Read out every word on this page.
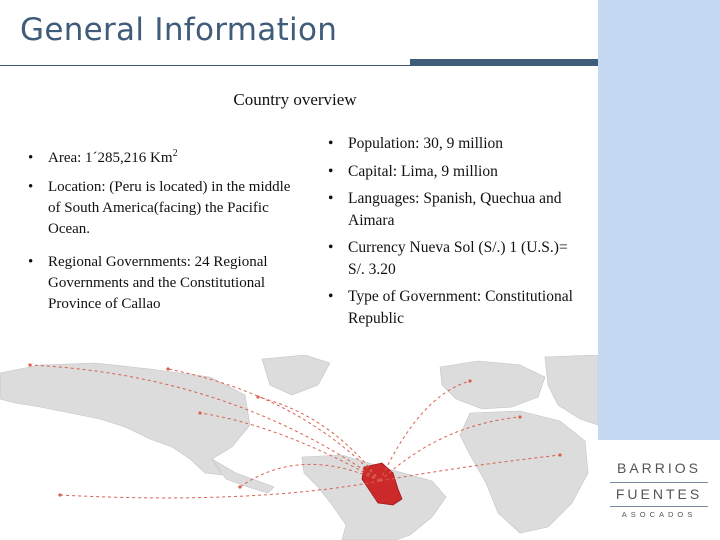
General Information
Country overview
• Area: 1´285,216 Km$^2$
• Location: (Peru is located) in the middle of South America(facing) the Pacific Ocean.
• Regional Governments: 24 Regional Governments and the Constitutional Province of Callao
• Population: 30, 9 million
• Capital: Lima, 9 million
• Languages: Spanish, Quechua and Aimara
• Currency Nueva Sol (S/.) 1 (U.S.)= S/. 3.20
• Type of Government: Constitutional Republic
BARRIOS
FUENTES
ASOCADOS
